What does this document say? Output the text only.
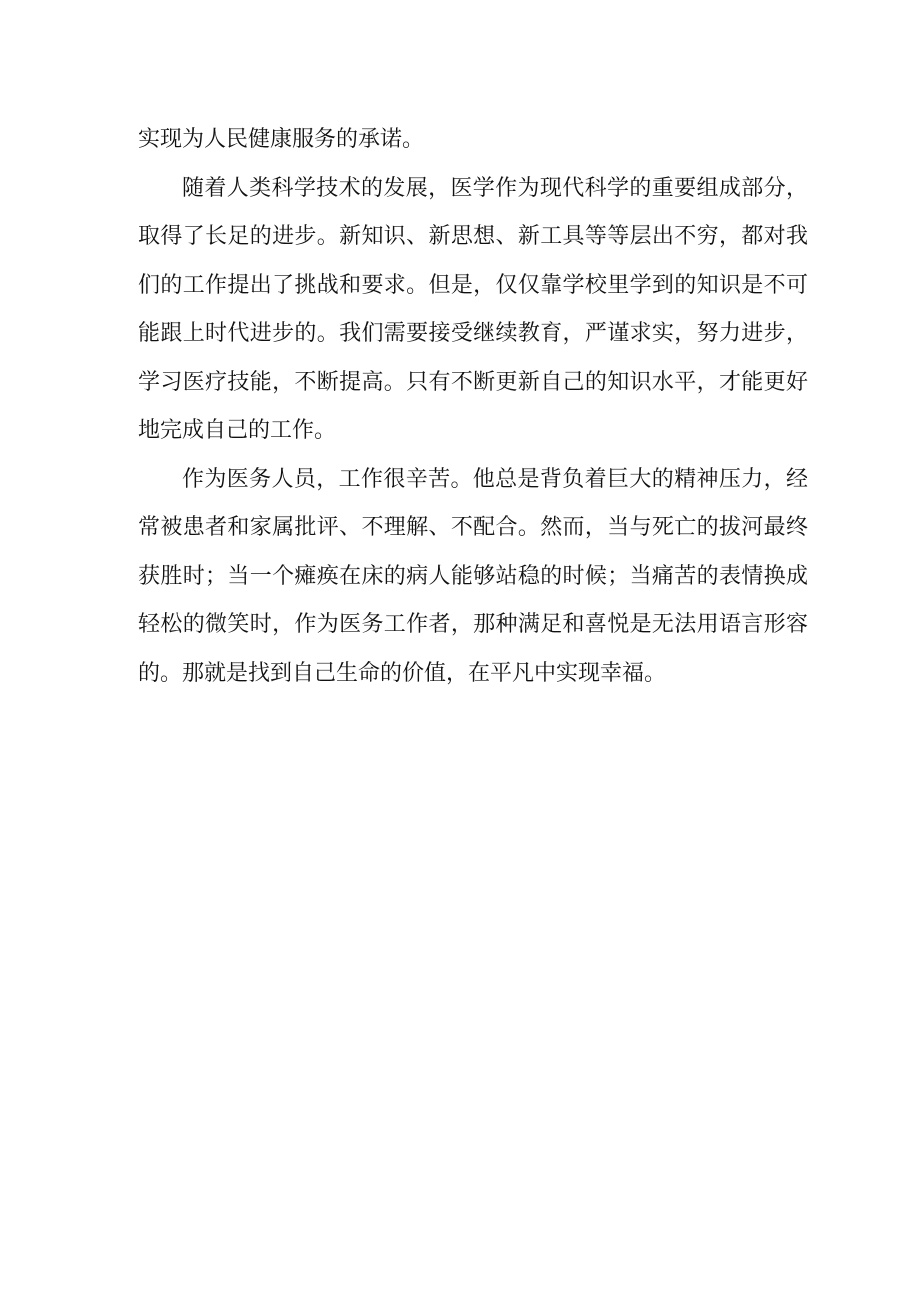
实现为人民健康服务的承诺。

随着人类科学技术的发展，医学作为现代科学的重要组成部分，取得了长足的进步。新知识、新思想、新工具等等层出不穷，都对我们的工作提出了挑战和要求。但是，仅仅靠学校里学到的知识是不可能跟上时代进步的。我们需要接受继续教育，严谨求实，努力进步，学习医疗技能，不断提高。只有不断更新自己的知识水平，才能更好地完成自己的工作。

作为医务人员，工作很辛苦。他总是背负着巨大的精神压力，经常被患者和家属批评、不理解、不配合。然而，当与死亡的拔河最终获胜时；当一个瘫痪在床的病人能够站稳的时候；当痛苦的表情换成轻松的微笑时，作为医务工作者，那种满足和喜悦是无法用语言形容的。那就是找到自己生命的价值，在平凡中实现幸福。
